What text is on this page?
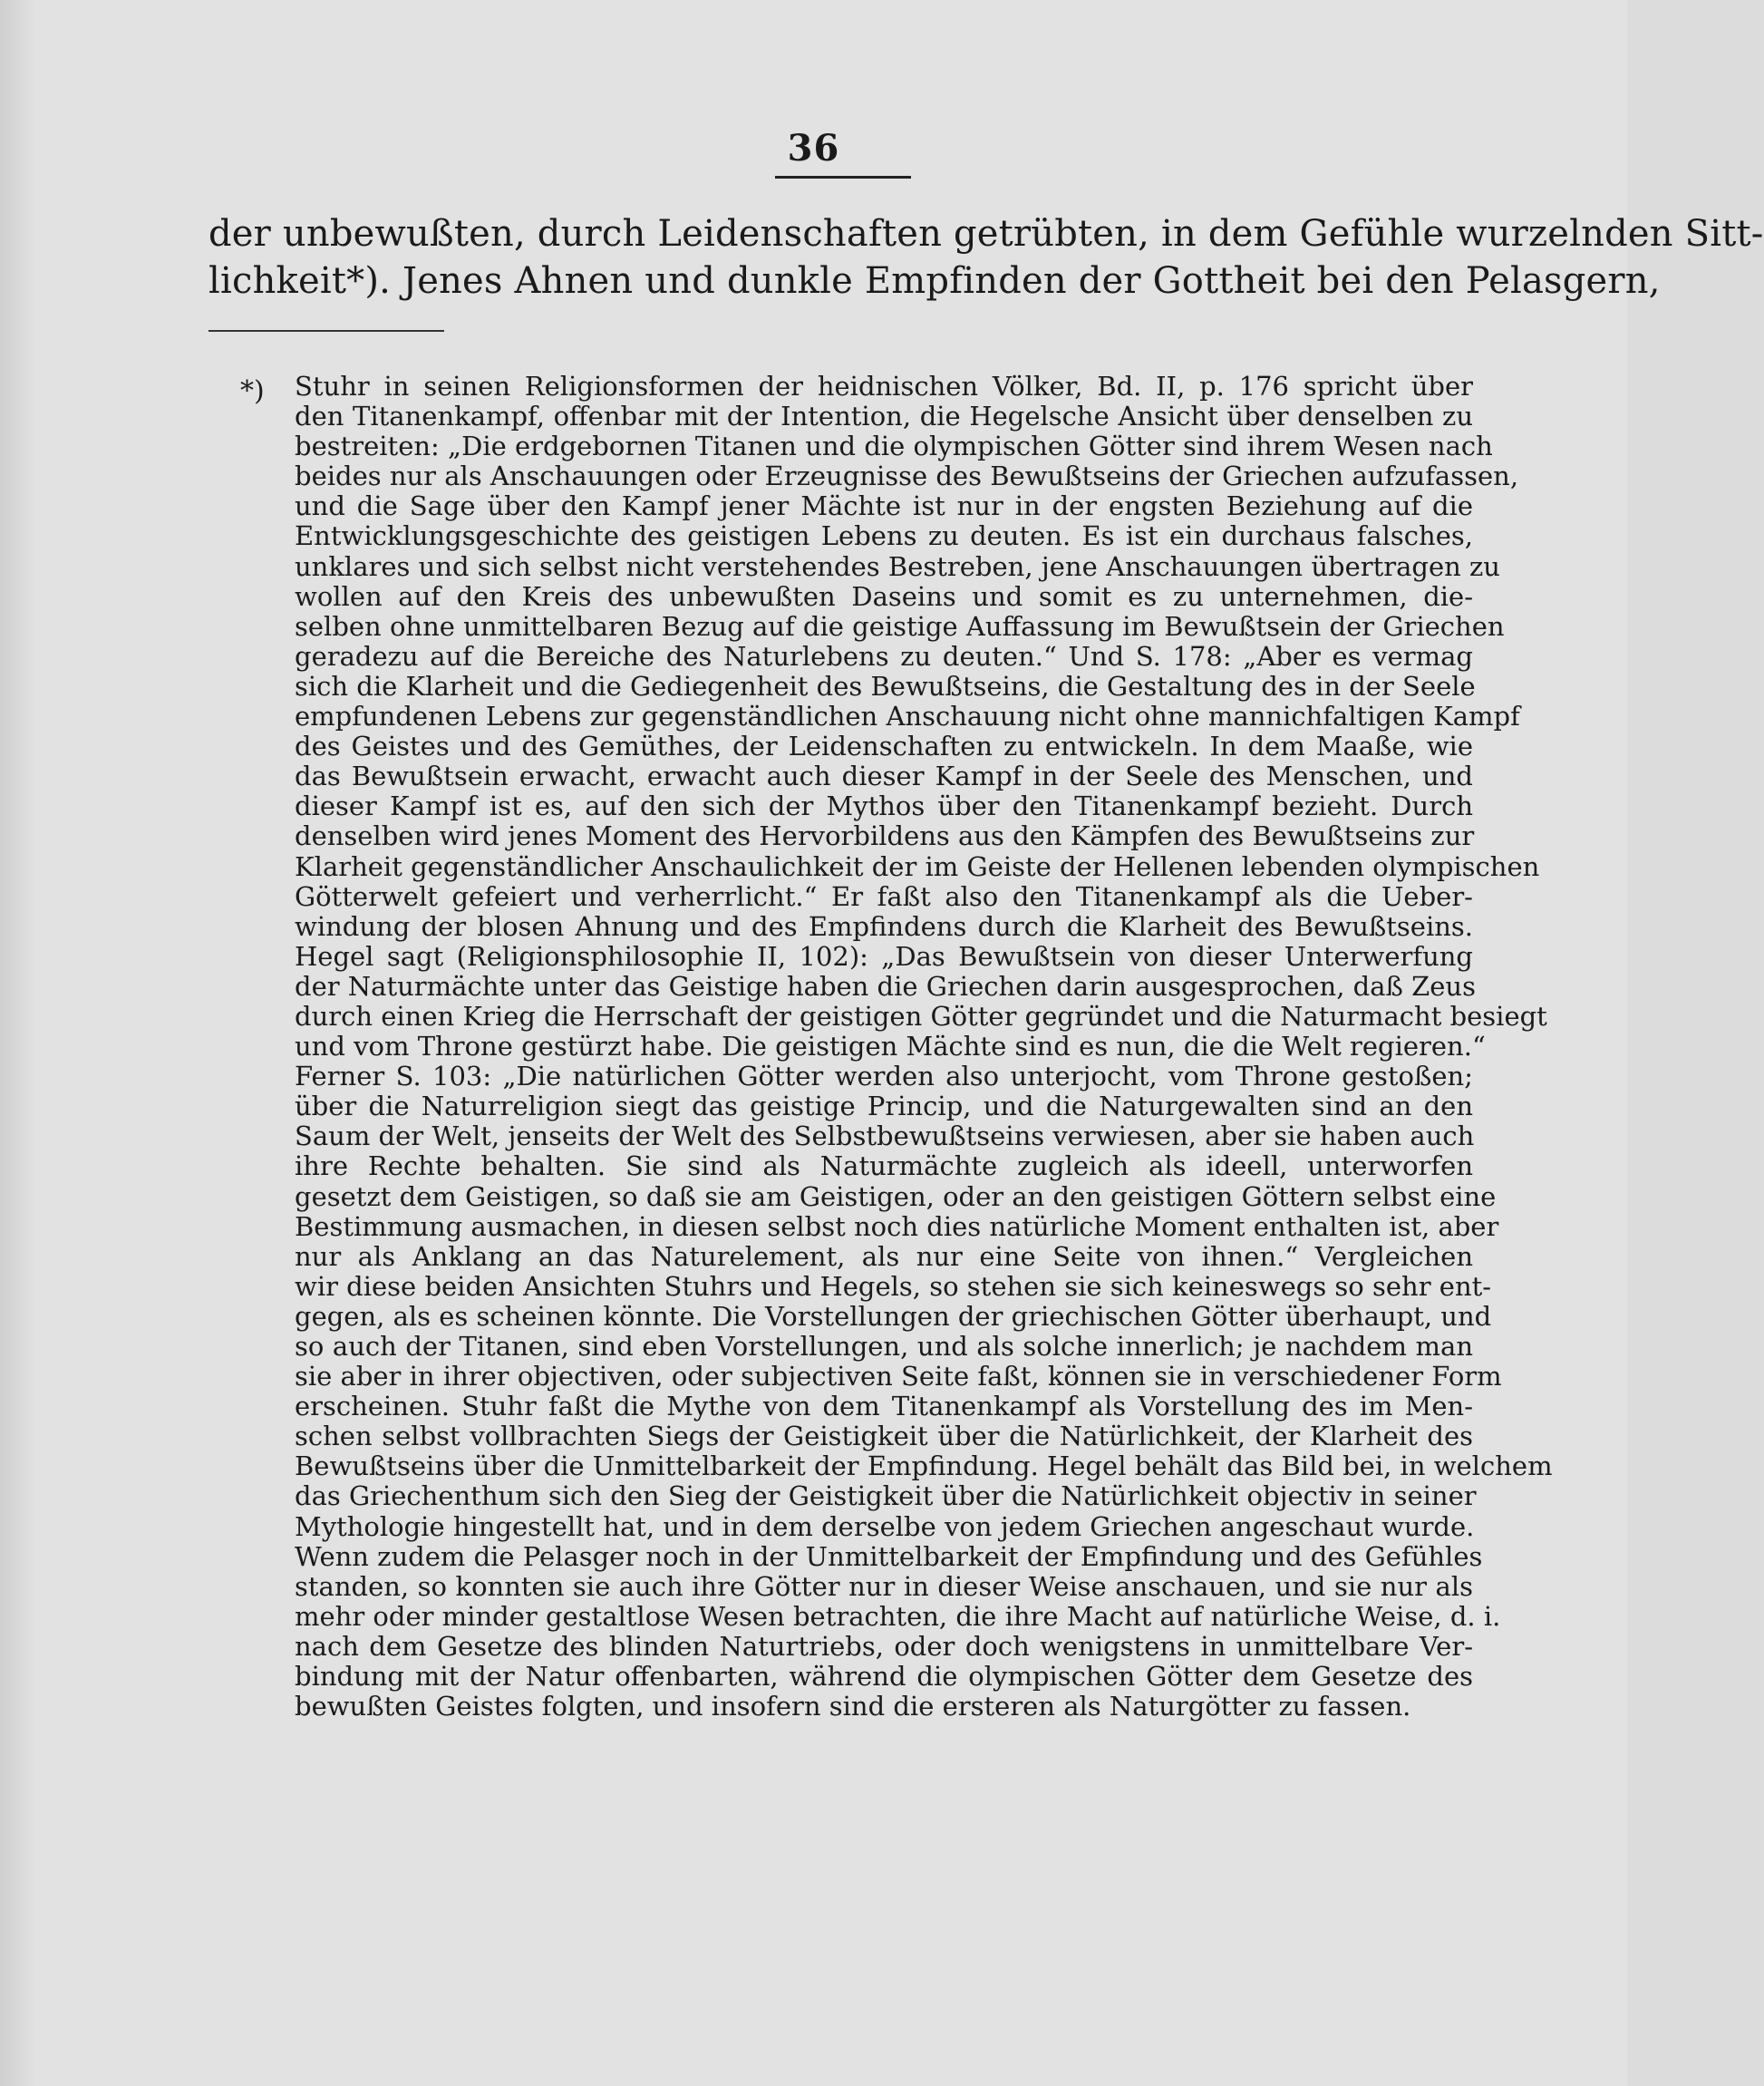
36
der unbewußten, durch Leidenschaften getrübten, in dem Gefühle wurzelnden Sitt-
lichkeit*). Jenes Ahnen und dunkle Empfinden der Gottheit bei den Pelasgern,
*) Stuhr in seinen Religionsformen der heidnischen Völker, Bd. II, p. 176 spricht über
den Titanenkampf, offenbar mit der Intention, die Hegelsche Ansicht über denselben zu
bestreiten: „Die erdgebornen Titanen und die olympischen Götter sind ihrem Wesen nach
beides nur als Anschauungen oder Erzeugnisse des Bewußtseins der Griechen aufzufassen,
und die Sage über den Kampf jener Mächte ist nur in der engsten Beziehung auf die
Entwicklungsgeschichte des geistigen Lebens zu deuten. Es ist ein durchaus falsches,
unklares und sich selbst nicht verstehendes Bestreben, jene Anschauungen übertragen zu
wollen auf den Kreis des unbewußten Daseins und somit es zu unternehmen, die-
selben ohne unmittelbaren Bezug auf die geistige Auffassung im Bewußtsein der Griechen
geradezu auf die Bereiche des Naturlebens zu deuten.“ Und S. 178: „Aber es vermag
sich die Klarheit und die Gediegenheit des Bewußtseins, die Gestaltung des in der Seele
empfundenen Lebens zur gegenständlichen Anschauung nicht ohne mannichfaltigen Kampf
des Geistes und des Gemüthes, der Leidenschaften zu entwickeln. In dem Maaße, wie
das Bewußtsein erwacht, erwacht auch dieser Kampf in der Seele des Menschen, und
dieser Kampf ist es, auf den sich der Mythos über den Titanenkampf bezieht. Durch
denselben wird jenes Moment des Hervorbildens aus den Kämpfen des Bewußtseins zur
Klarheit gegenständlicher Anschaulichkeit der im Geiste der Hellenen lebenden olympischen
Götterwelt gefeiert und verherrlicht.“ Er faßt also den Titanenkampf als die Ueber-
windung der blosen Ahnung und des Empfindens durch die Klarheit des Bewußtseins.
Hegel sagt (Religionsphilosophie II, 102): „Das Bewußtsein von dieser Unterwerfung
der Naturmächte unter das Geistige haben die Griechen darin ausgesprochen, daß Zeus
durch einen Krieg die Herrschaft der geistigen Götter gegründet und die Naturmacht besiegt
und vom Throne gestürzt habe. Die geistigen Mächte sind es nun, die die Welt regieren.“
Ferner S. 103: „Die natürlichen Götter werden also unterjocht, vom Throne gestoßen;
über die Naturreligion siegt das geistige Princip, und die Naturgewalten sind an den
Saum der Welt, jenseits der Welt des Selbstbewußtseins verwiesen, aber sie haben auch
ihre Rechte behalten. Sie sind als Naturmächte zugleich als ideell, unterworfen
gesetzt dem Geistigen, so daß sie am Geistigen, oder an den geistigen Göttern selbst eine
Bestimmung ausmachen, in diesen selbst noch dies natürliche Moment enthalten ist, aber
nur als Anklang an das Naturelement, als nur eine Seite von ihnen.“ Vergleichen
wir diese beiden Ansichten Stuhrs und Hegels, so stehen sie sich keineswegs so sehr ent-
gegen, als es scheinen könnte. Die Vorstellungen der griechischen Götter überhaupt, und
so auch der Titanen, sind eben Vorstellungen, und als solche innerlich; je nachdem man
sie aber in ihrer objectiven, oder subjectiven Seite faßt, können sie in verschiedener Form
erscheinen. Stuhr faßt die Mythe von dem Titanenkampf als Vorstellung des im Men-
schen selbst vollbrachten Siegs der Geistigkeit über die Natürlichkeit, der Klarheit des
Bewußtseins über die Unmittelbarkeit der Empfindung. Hegel behält das Bild bei, in welchem
das Griechenthum sich den Sieg der Geistigkeit über die Natürlichkeit objectiv in seiner
Mythologie hingestellt hat, und in dem derselbe von jedem Griechen angeschaut wurde.
Wenn zudem die Pelasger noch in der Unmittelbarkeit der Empfindung und des Gefühles
standen, so konnten sie auch ihre Götter nur in dieser Weise anschauen, und sie nur als
mehr oder minder gestaltlose Wesen betrachten, die ihre Macht auf natürliche Weise, d. i.
nach dem Gesetze des blinden Naturtriebs, oder doch wenigstens in unmittelbare Ver-
bindung mit der Natur offenbarten, während die olympischen Götter dem Gesetze des
bewußten Geistes folgten, und insofern sind die ersteren als Naturgötter zu fassen.
